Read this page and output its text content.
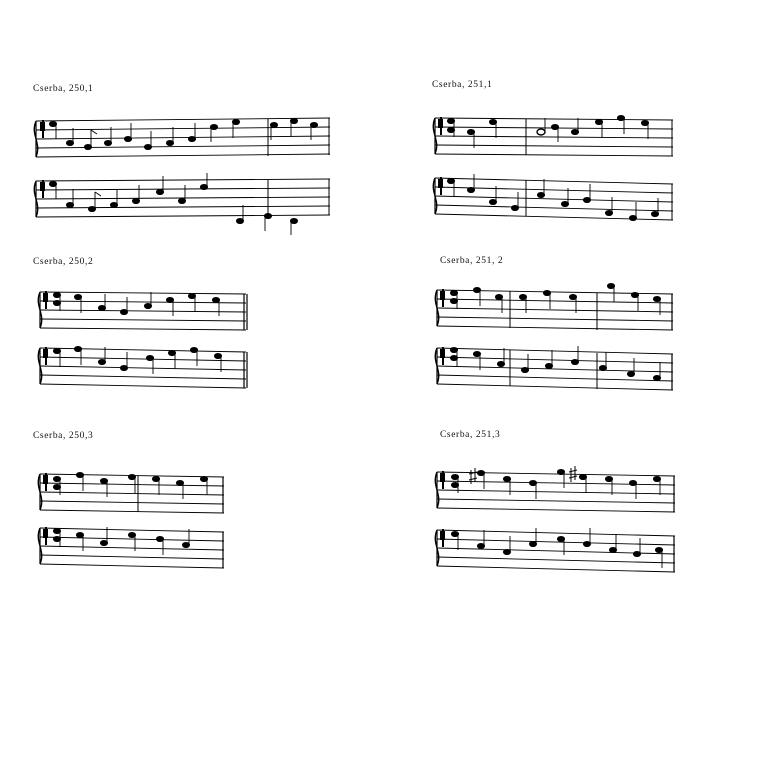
Cserba, 250,1	Cserba, 251,1
Cserba, 250,2	Cserba, 251, 2
Cserba, 250,3	Cserba, 251,3
